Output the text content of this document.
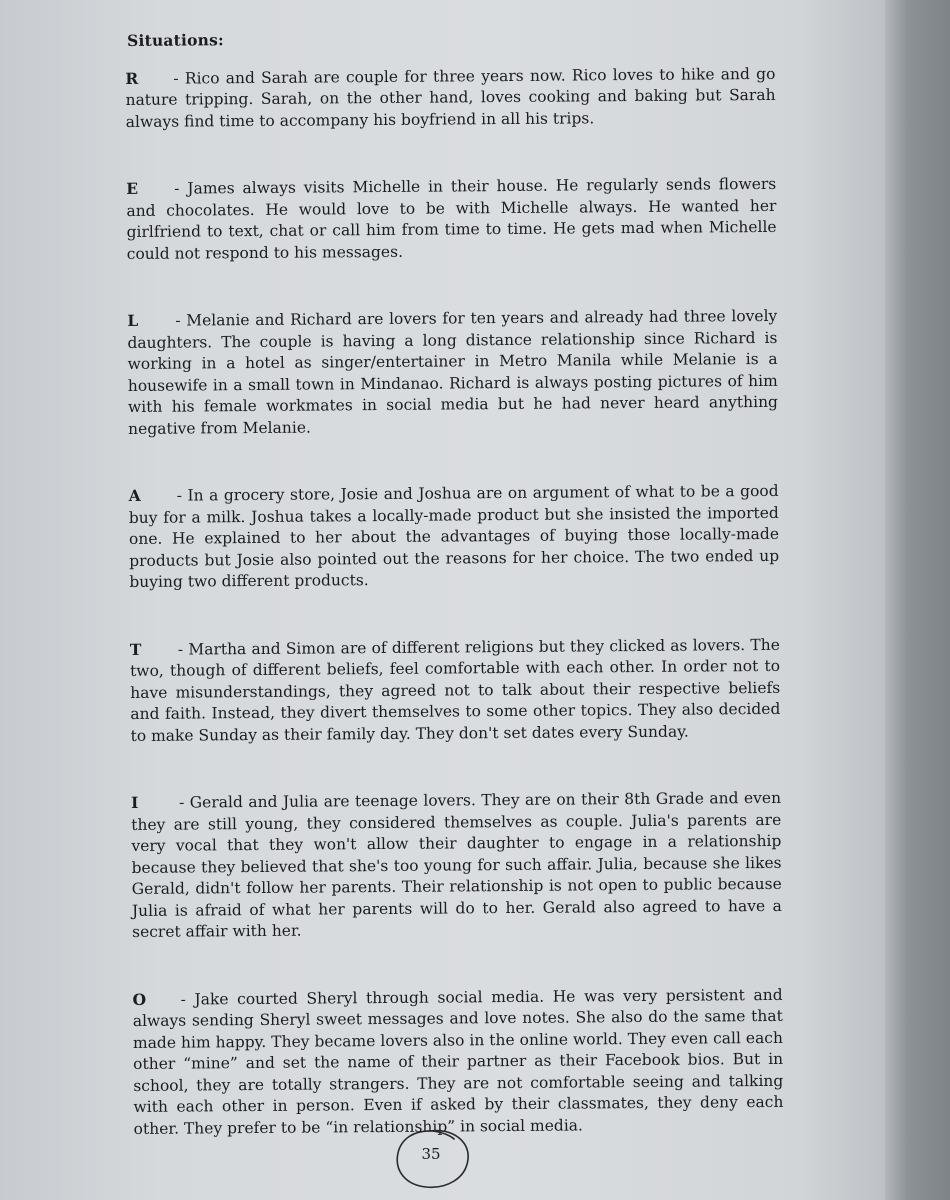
Situations:

R - Rico and Sarah are couple for three years now. Rico loves to hike and go nature tripping. Sarah, on the other hand, loves cooking and baking but Sarah always find time to accompany his boyfriend in all his trips.

E - James always visits Michelle in their house. He regularly sends flowers and chocolates. He would love to be with Michelle always. He wanted her girlfriend to text, chat or call him from time to time. He gets mad when Michelle could not respond to his messages.

L - Melanie and Richard are lovers for ten years and already had three lovely daughters. The couple is having a long distance relationship since Richard is working in a hotel as singer/entertainer in Metro Manila while Melanie is a housewife in a small town in Mindanao. Richard is always posting pictures of him with his female workmates in social media but he had never heard anything negative from Melanie.

A - In a grocery store, Josie and Joshua are on argument of what to be a good buy for a milk. Joshua takes a locally-made product but she insisted the imported one. He explained to her about the advantages of buying those locally-made products but Josie also pointed out the reasons for her choice. The two ended up buying two different products.

T - Martha and Simon are of different religions but they clicked as lovers. The two, though of different beliefs, feel comfortable with each other. In order not to have misunderstandings, they agreed not to talk about their respective beliefs and faith. Instead, they divert themselves to some other topics. They also decided to make Sunday as their family day. They don't set dates every Sunday.

I	- Gerald and Julia are teenage lovers. They are on their 8th Grade and even they are still young, they considered themselves as couple. Julia's parents are very vocal that they won't allow their daughter to engage in a relationship because they believed that she's too young for such affair. Julia, because she likes Gerald, didn't follow her parents. Their relationship is not open to public because Julia is afraid of what her parents will do to her. Gerald also agreed to have a secret affair with her.

O - Jake courted Sheryl through social media. He was very persistent and always sending Sheryl sweet messages and love notes. She also do the same that made him happy. They became lovers also in the online world. They even call each other “mine” and set the name of their partner as their Facebook bios. But in school, they are totally strangers. They are not comfortable seeing and talking with each other in person. Even if asked by their classmates, they deny each other. They prefer to be “in relationship” in social media.

35
